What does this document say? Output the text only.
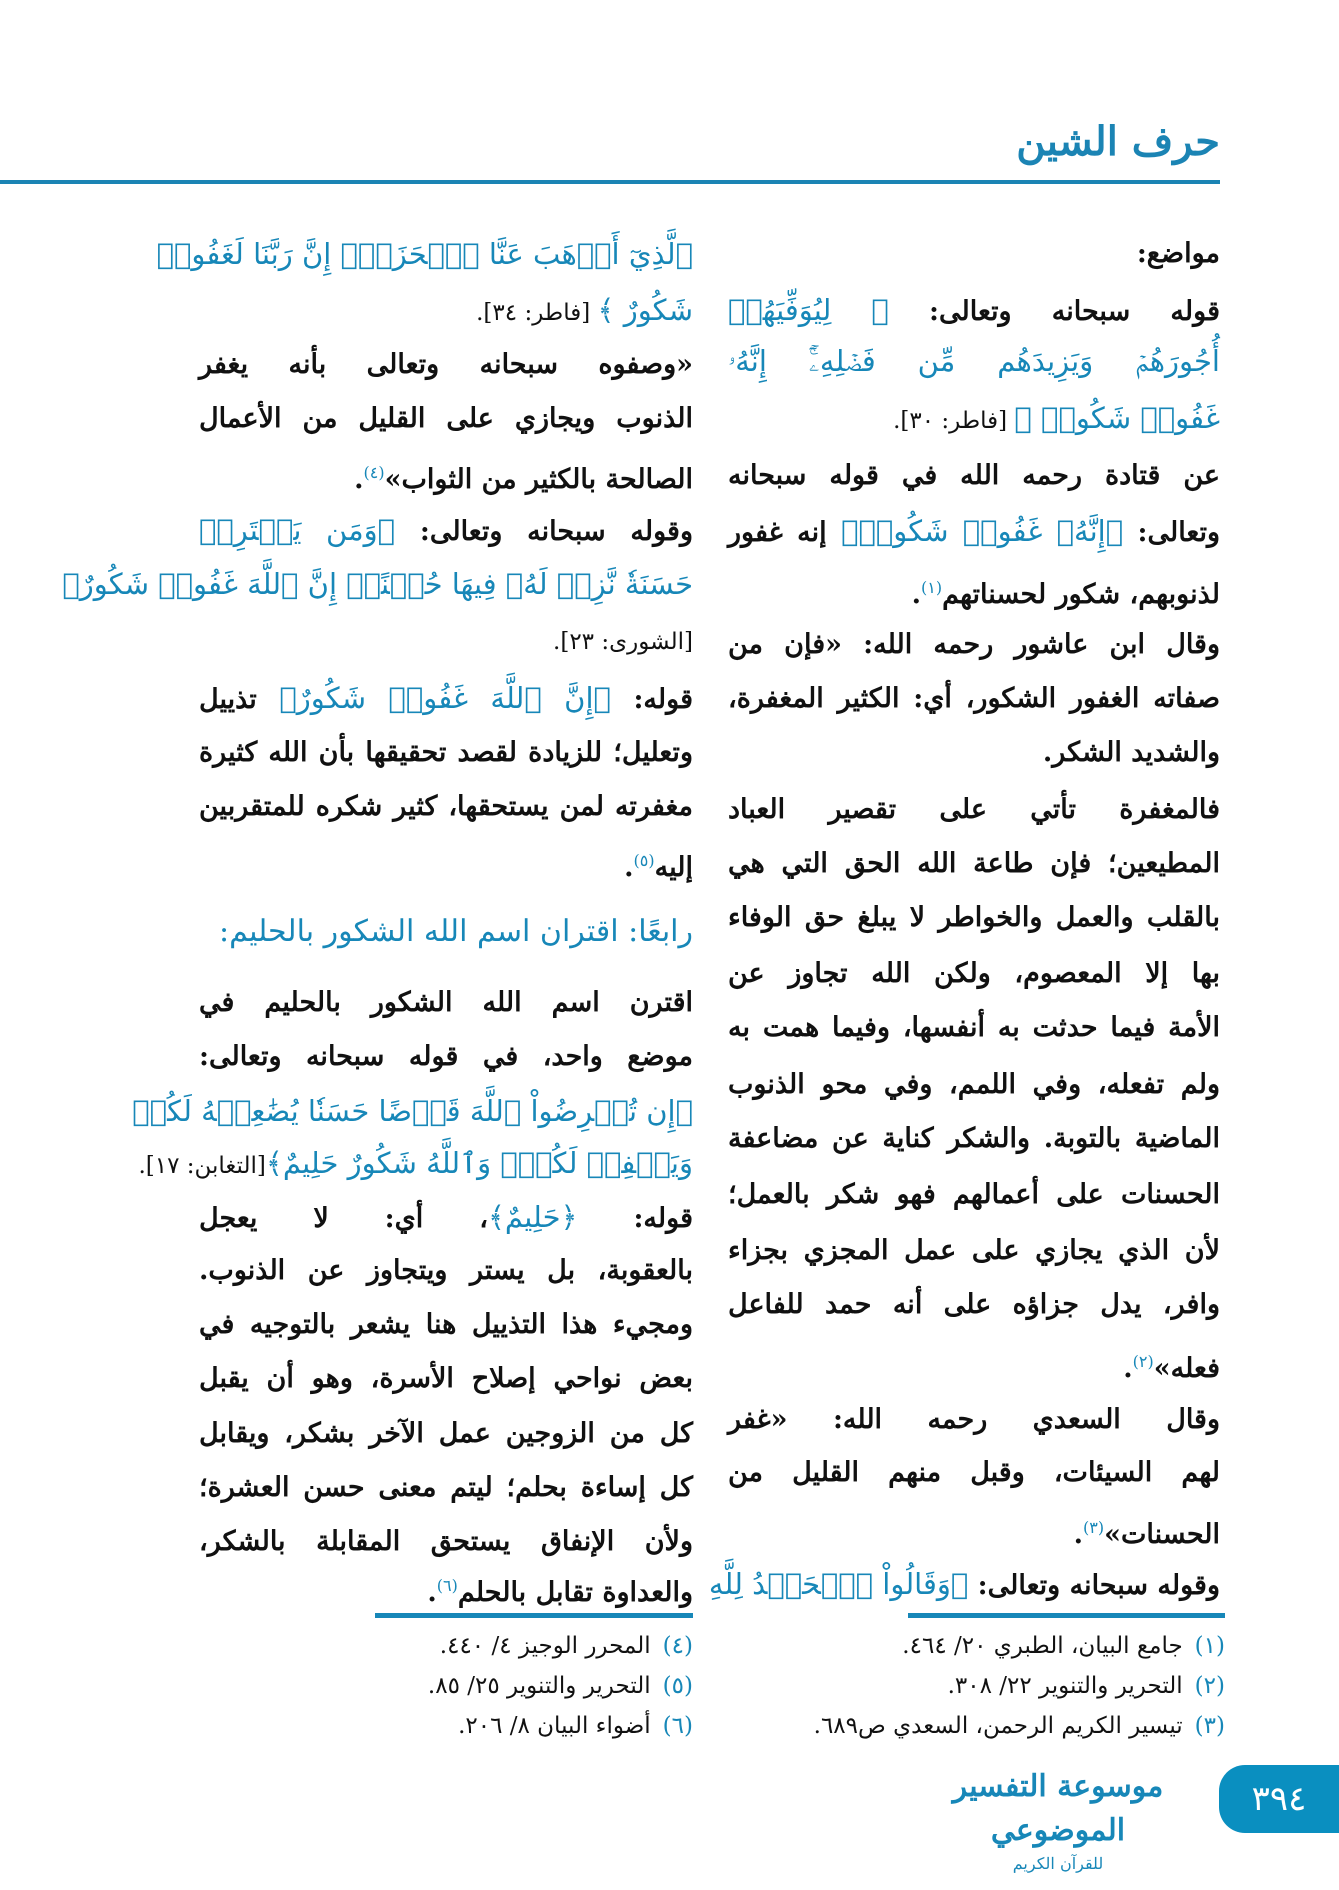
حرف الشين
مواضع:
قوله سبحانه وتعالى: ﴿ لِيُوَفِّيَهُمۡ
أُجُورَهُمۡ وَيَزِيدَهُم مِّن فَضۡلِهِۦٓۚ إِنَّهُۥ
غَفُورٞ شَكُورٞ ﴾ [فاطر: ٣٠].
عن قتادة رحمه الله في قوله سبحانه
وتعالى: ﴿إِنَّهُۥ غَفُورٞ شَكُورٞ﴾ إنه غفور
لذنوبهم، شكور لحسناتهم$^{(١)}$.
وقال ابن عاشور رحمه الله: «فإن من
صفاته الغفور الشكور، أي: الكثير المغفرة،
والشديد الشكر.
فالمغفرة تأتي على تقصير العباد
المطيعين؛ فإن طاعة الله الحق التي هي
بالقلب والعمل والخواطر لا يبلغ حق الوفاء
بها إلا المعصوم، ولكن الله تجاوز عن
الأمة فيما حدثت به أنفسها، وفيما همت به
ولم تفعله، وفي اللمم، وفي محو الذنوب
الماضية بالتوبة. والشكر كناية عن مضاعفة
الحسنات على أعمالهم فهو شكر بالعمل؛
لأن الذي يجازي على عمل المجزي بجزاء
وافر، يدل جزاؤه على أنه حمد للفاعل
فعله»$^{(٢)}$.
وقال السعدي رحمه الله: «غفر
لهم السيئات، وقبل منهم القليل من
الحسنات»$^{(٣)}$.
وقوله سبحانه وتعالى: ﴿وَقَالُواْ ٱلۡحَمۡدُ لِلَّهِ
ٱلَّذِيٓ أَذۡهَبَ عَنَّا ٱلۡحَزَنَۖ إِنَّ رَبَّنَا لَغَفُورٞ
شَكُورٌ ﴾ [فاطر: ٣٤].
«وصفوه سبحانه وتعالى بأنه يغفر
الذنوب ويجازي على القليل من الأعمال
الصالحة بالكثير من الثواب»$^{(٤)}$.
وقوله سبحانه وتعالى: ﴿وَمَن يَقۡتَرِفۡ
حَسَنَةٗ نَّزِدۡ لَهُۥ فِيهَا حُسۡنًاۚ إِنَّ ٱللَّهَ غَفُورٞ شَكُورٌ﴾
[الشورى: ٢٣].
قوله: ﴿إِنَّ ٱللَّهَ غَفُورٞ شَكُورٌ﴾ تذييل
وتعليل؛ للزيادة لقصد تحقيقها بأن الله كثيرة
مغفرته لمن يستحقها، كثير شكره للمتقربين
إليه$^{(٥)}$.
رابعًا: اقتران اسم الله الشكور بالحليم:
اقترن اسم الله الشكور بالحليم في
موضع واحد، في قوله سبحانه وتعالى:
﴿إِن تُقۡرِضُواْ ٱللَّهَ قَرۡضًا حَسَنٗا يُضَٰعِفۡهُ لَكُمۡ
وَيَغۡفِرۡ لَكُمۡۚ وَٱللَّهُ شَكُورٌ حَلِيمٌ﴾[التغابن: ١٧].
قوله: ﴿حَلِيمٌ﴾، أي: لا يعجل
بالعقوبة، بل يستر ويتجاوز عن الذنوب.
ومجيء هذا التذييل هنا يشعر بالتوجيه في
بعض نواحي إصلاح الأسرة، وهو أن يقبل
كل من الزوجين عمل الآخر بشكر، ويقابل
كل إساءة بحلم؛ ليتم معنى حسن العشرة؛
ولأن الإنفاق يستحق المقابلة بالشكر،
والعداوة تقابل بالحلم$^{(٦)}$.
(١)جامع البيان، الطبري ٢٠/ ٤٦٤.
(٢)التحرير والتنوير ٢٢/ ٣٠٨.
(٣)تيسير الكريم الرحمن، السعدي ص٦٨٩.
(٤)المحرر الوجيز ٤/ ٤٤٠.
(٥)التحرير والتنوير ٢٥/ ٨٥.
(٦)أضواء البيان ٨/ ٢٠٦.
موسوعة التفسير الموضوعي
للقرآن الكريم
٣٩٤
